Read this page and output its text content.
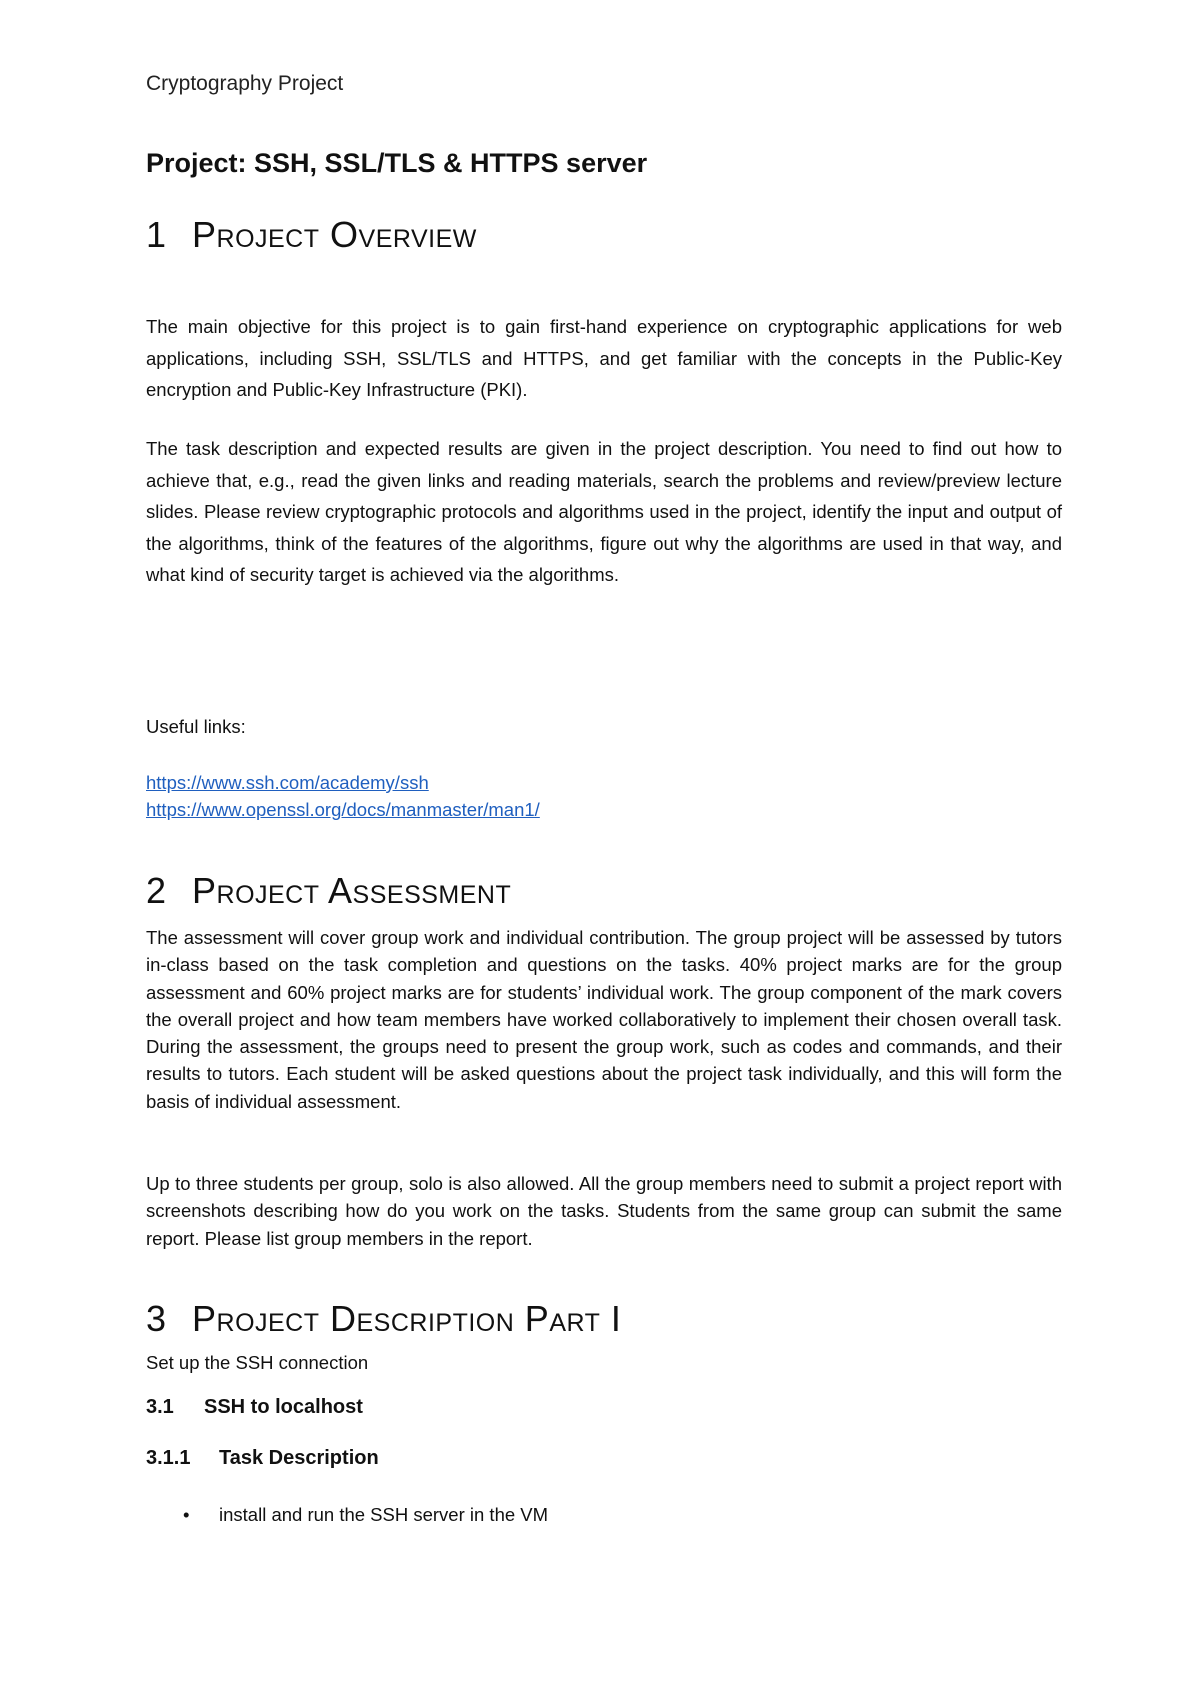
Cryptography Project
Project: SSH, SSL/TLS & HTTPS server
1 Project Overview

The main objective for this project is to gain first-hand experience on cryptographic applications for web applications, including SSH, SSL/TLS and HTTPS, and get familiar with the concepts in the Public-Key encryption and Public-Key Infrastructure (PKI).

The task description and expected results are given in the project description. You need to find out how to achieve that, e.g., read the given links and reading materials, search the problems and review/preview lecture slides. Please review cryptographic protocols and algorithms used in the project, identify the input and output of the algorithms, think of the features of the algorithms, figure out why the algorithms are used in that way, and what kind of security target is achieved via the algorithms.

Useful links:

https://www.ssh.com/academy/ssh
https://www.openssl.org/docs/manmaster/man1/
2 Project Assessment

The assessment will cover group work and individual contribution. The group project will be assessed by tutors in-class based on the task completion and questions on the tasks. 40% project marks are for the group assessment and 60% project marks are for students’ individual work. The group component of the mark covers the overall project and how team members have worked collaboratively to implement their chosen overall task. During the assessment, the groups need to present the group work, such as codes and commands, and their results to tutors. Each student will be asked questions about the project task individually, and this will form the basis of individual assessment.

Up to three students per group, solo is also allowed. All the group members need to submit a project report with screenshots describing how do you work on the tasks. Students from the same group can submit the same report. Please list group members in the report.

3 Project Description Part I

Set up the SSH connection

3.1 SSH to localhost
3.1.1 Task Description
• install and run the SSH server in the VM
